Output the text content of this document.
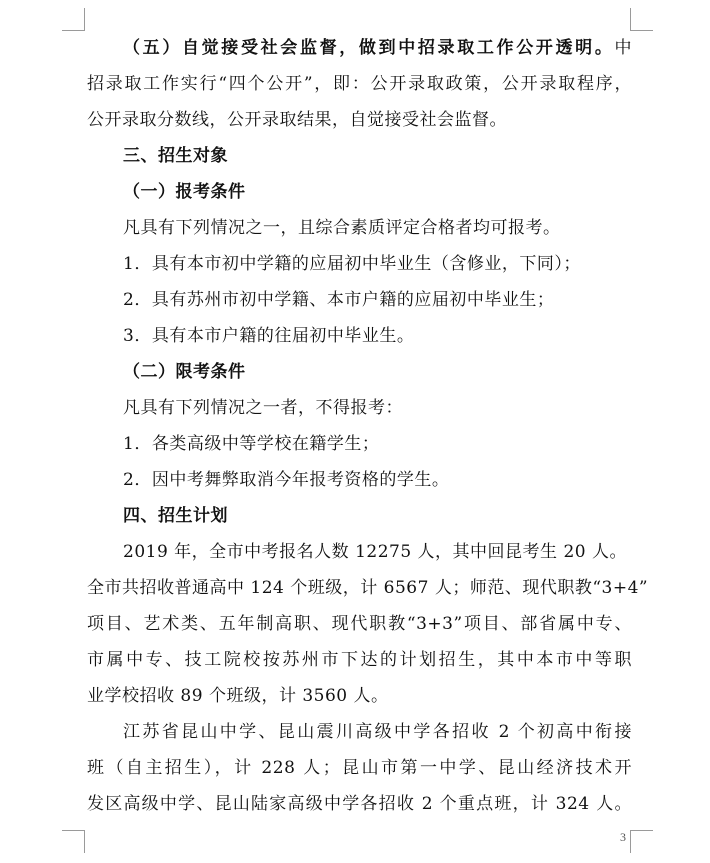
（五）自觉接受社会监督，做到中招录取工作公开透明。中
招录取工作实行“四个公开”，即：公开录取政策，公开录取程序，
公开录取分数线，公开录取结果，自觉接受社会监督。
三、招生对象
（一）报考条件
凡具有下列情况之一，且综合素质评定合格者均可报考。
1．具有本市初中学籍的应届初中毕业生（含修业，下同）；
2．具有苏州市初中学籍、本市户籍的应届初中毕业生；
3．具有本市户籍的往届初中毕业生。
（二）限考条件
凡具有下列情况之一者，不得报考：
1．各类高级中等学校在籍学生；
2．因中考舞弊取消今年报考资格的学生。
四、招生计划
2019 年，全市中考报名人数 12275 人，其中回昆考生 20 人。
全市共招收普通高中 124 个班级，计 6567 人；师范、现代职教“3+4”
项目、艺术类、五年制高职、现代职教“3+3”项目、部省属中专、
市属中专、技工院校按苏州市下达的计划招生，其中本市中等职
业学校招收 89 个班级，计 3560 人。
江苏省昆山中学、昆山震川高级中学各招收 2 个初高中衔接
班（自主招生），计 228 人；昆山市第一中学、昆山经济技术开
发区高级中学、昆山陆家高级中学各招收 2 个重点班，计 324 人。
3
